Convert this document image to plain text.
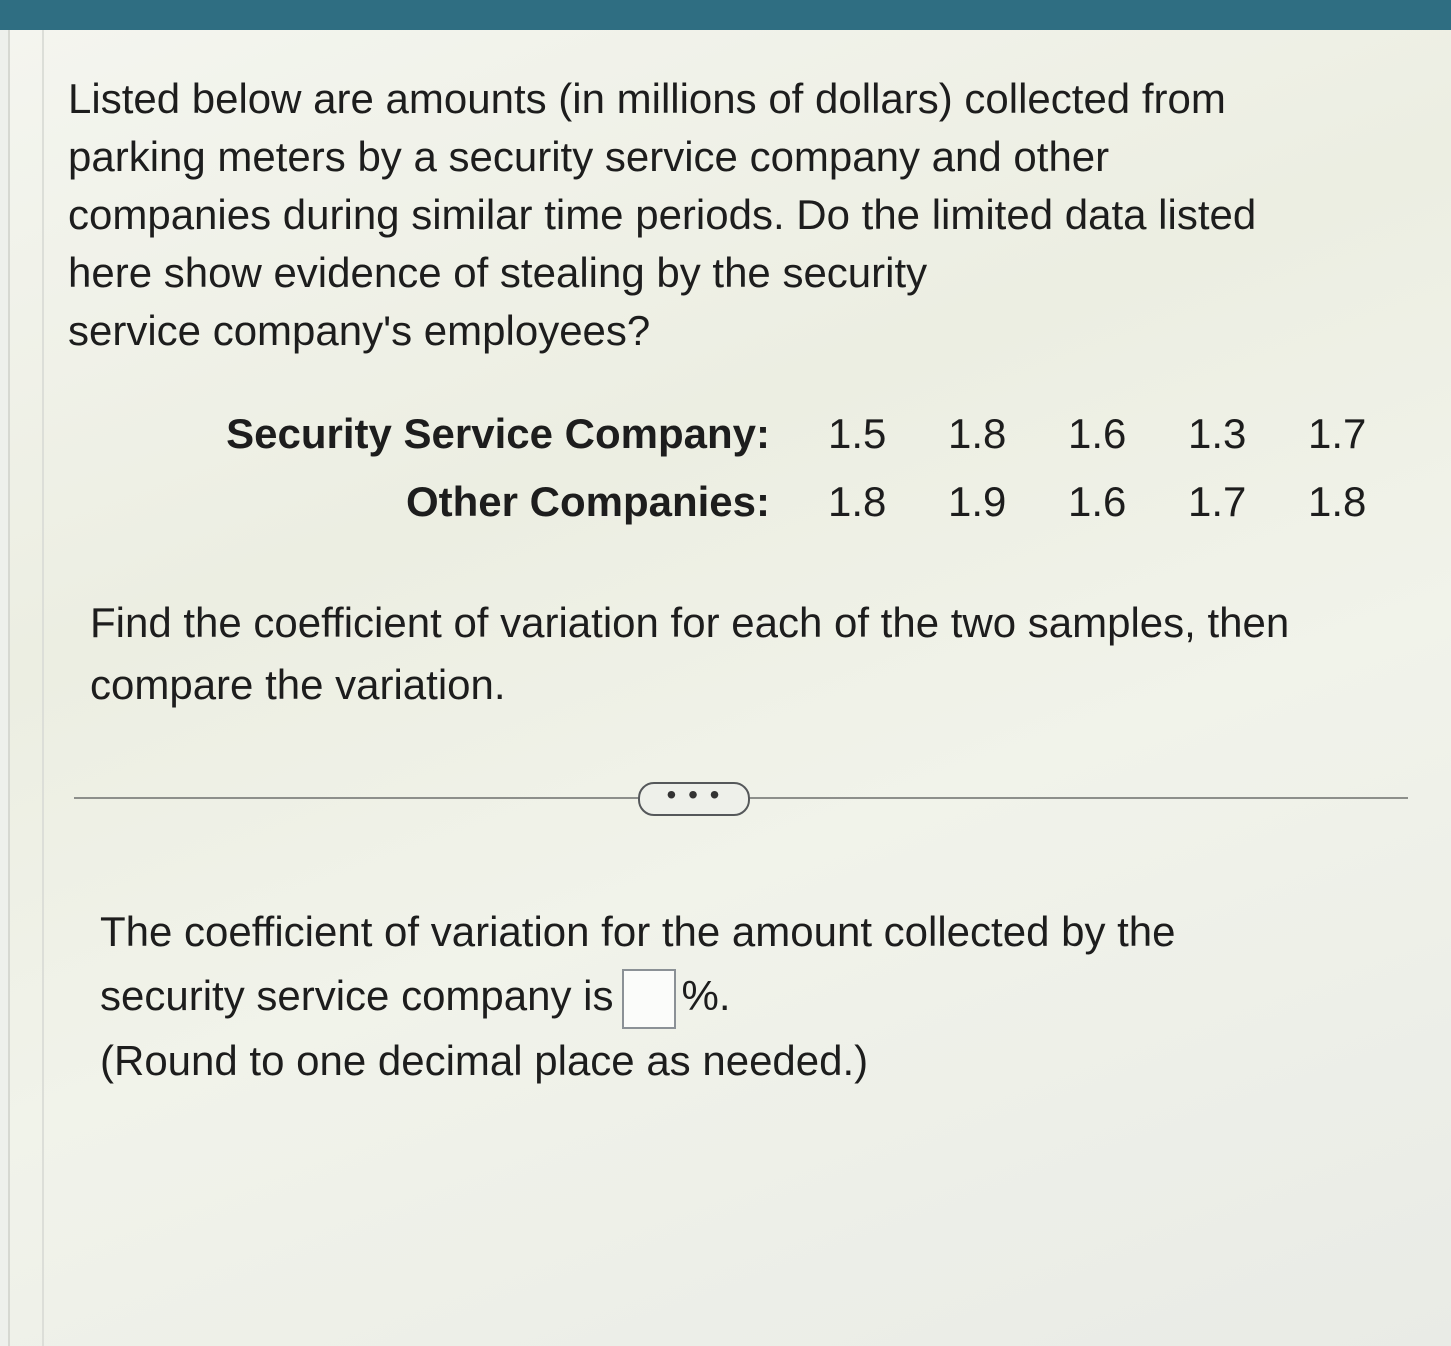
Listed below are amounts (in millions of dollars) collected from
parking meters by a security service company and other
companies during similar time periods. Do the limited data listed
here show evidence of stealing by the security
service company's employees?
Security Service Company:	1.5	1.8	1.6	1.3	1.7
Other Companies:	1.8	1.9	1.6	1.7	1.8
Find the coefficient of variation for each of the two samples, then
compare the variation.
• • •
The coefficient of variation for the amount collected by the
security service company is %.
(Round to one decimal place as needed.)
